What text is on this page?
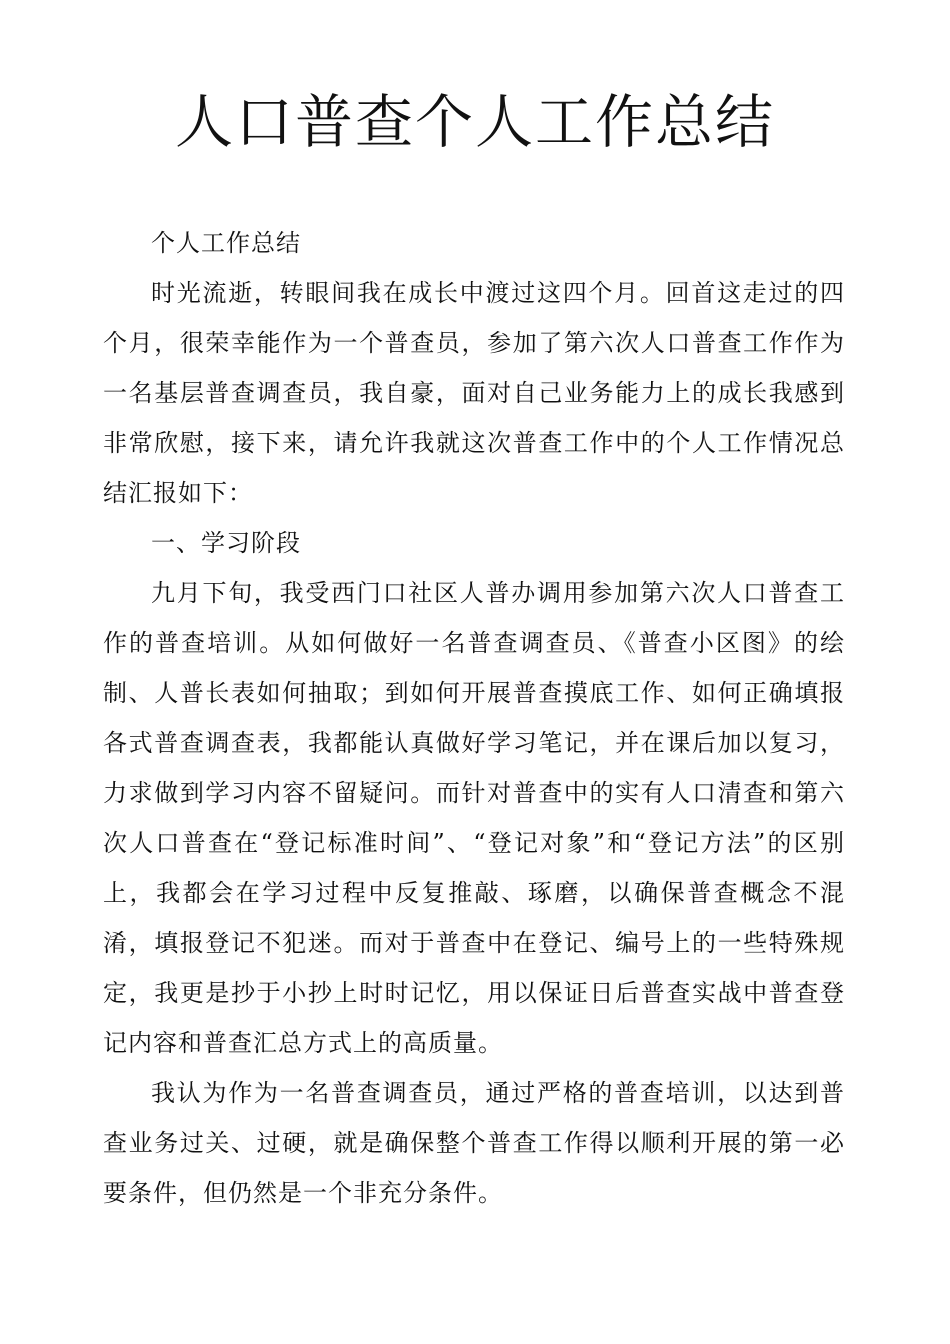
人口普查个人工作总结

个人工作总结

时光流逝，转眼间我在成长中渡过这四个月。回首这走过的四个月，很荣幸能作为一个普查员，参加了第六次人口普查工作作为一名基层普查调查员，我自豪，面对自己业务能力上的成长我感到非常欣慰，接下来，请允许我就这次普查工作中的个人工作情况总结汇报如下：

一、学习阶段

九月下旬，我受西门口社区人普办调用参加第六次人口普查工作的普查培训。从如何做好一名普查调查员、《普查小区图》的绘制、人普长表如何抽取；到如何开展普查摸底工作、如何正确填报各式普查调查表，我都能认真做好学习笔记，并在课后加以复习，力求做到学习内容不留疑问。而针对普查中的实有人口清查和第六次人口普查在“登记标准时间”、“登记对象”和“登记方法”的区别上，我都会在学习过程中反复推敲、琢磨，以确保普查概念不混淆，填报登记不犯迷。而对于普查中在登记、编号上的一些特殊规定，我更是抄于小抄上时时记忆，用以保证日后普查实战中普查登记内容和普查汇总方式上的高质量。

我认为作为一名普查调查员，通过严格的普查培训，以达到普查业务过关、过硬，就是确保整个普查工作得以顺利开展的第一必要条件，但仍然是一个非充分条件。
